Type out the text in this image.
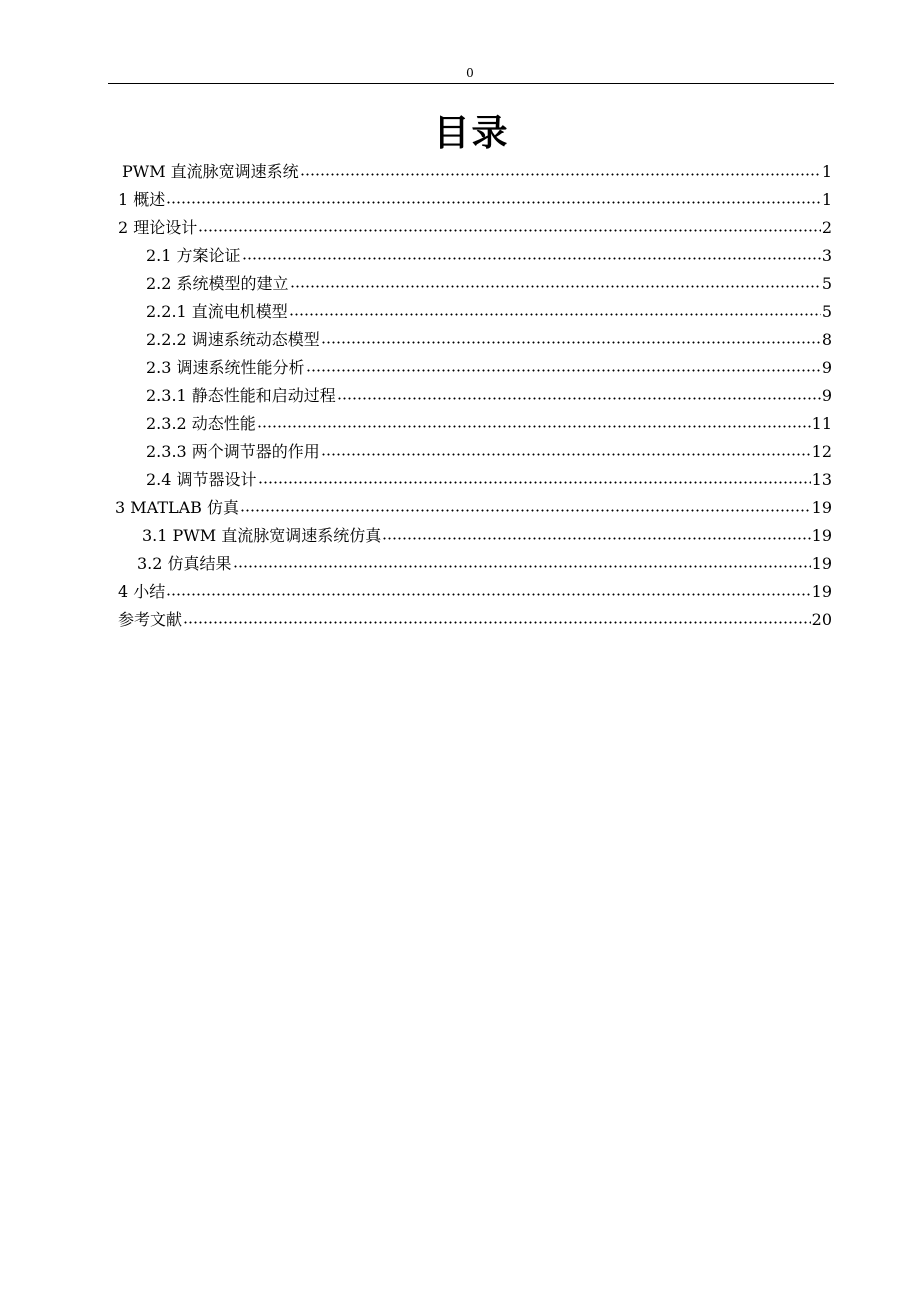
0
目录
PWM 直流脉宽调速系统	1
1 概述	1
2 理论设计	2
2.1 方案论证	3
2.2 系统模型的建立	5
2.2.1 直流电机模型	5
2.2.2 调速系统动态模型	8
2.3 调速系统性能分析	9
2.3.1 静态性能和启动过程	9
2.3.2 动态性能	11
2.3.3 两个调节器的作用	12
2.4 调节器设计	13
3 MATLAB 仿真	19
3.1 PWM 直流脉宽调速系统仿真	19
3.2 仿真结果	19
4 小结	19
参考文献	20
